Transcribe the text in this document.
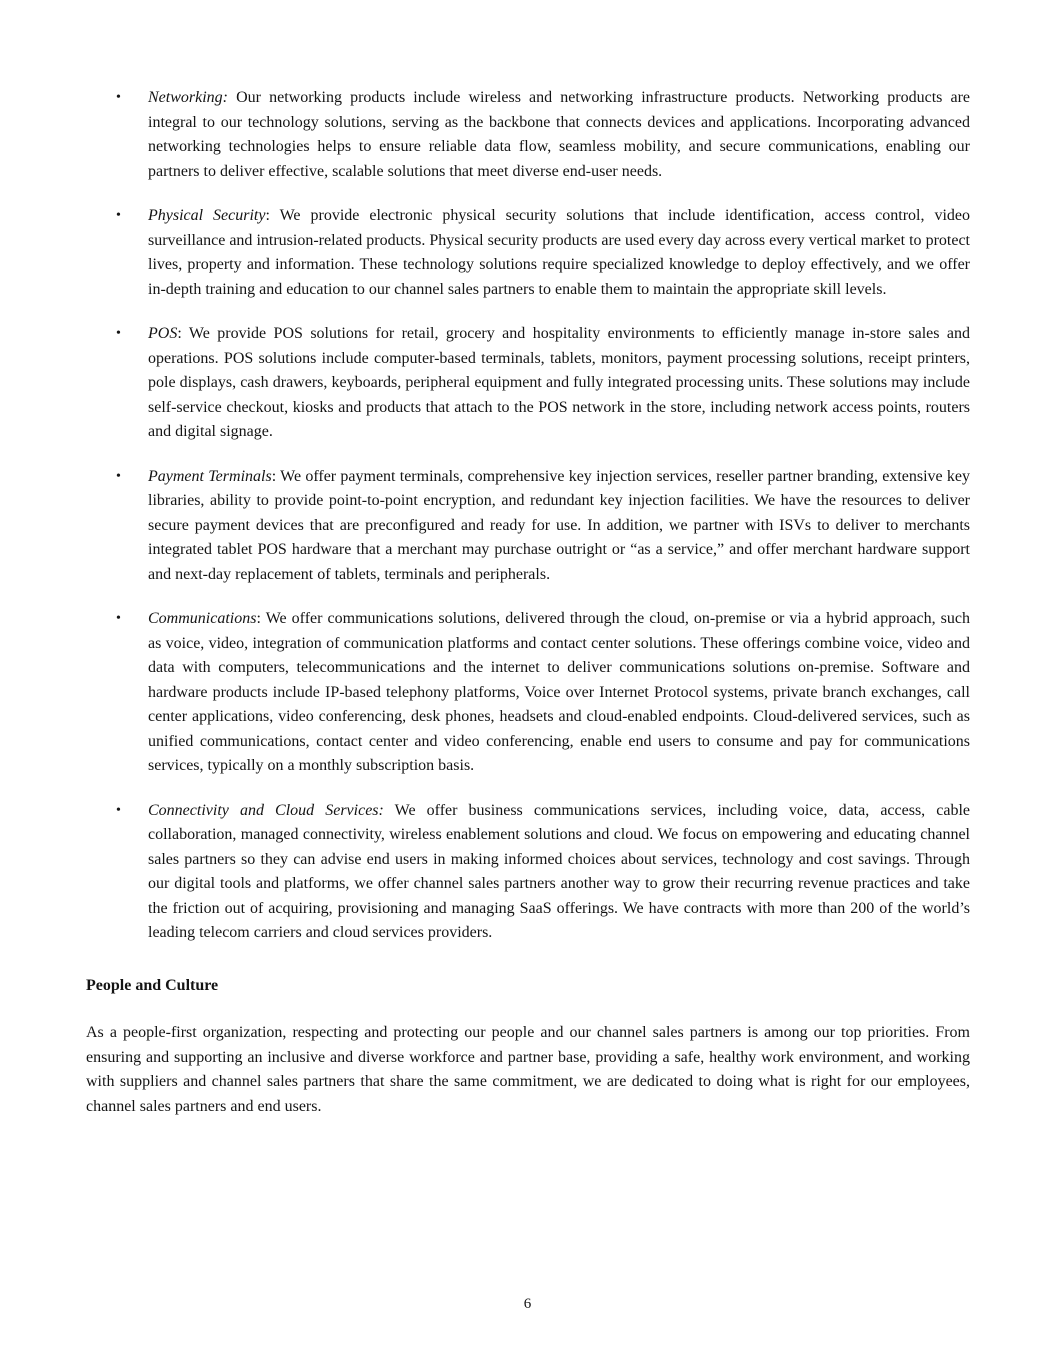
•	Networking: Our networking products include wireless and networking infrastructure products. Networking products are integral to our technology solutions, serving as the backbone that connects devices and applications. Incorporating advanced networking technologies helps to ensure reliable data flow, seamless mobility, and secure communications, enabling our partners to deliver effective, scalable solutions that meet diverse end-user needs.
•	Physical Security: We provide electronic physical security solutions that include identification, access control, video surveillance and intrusion-related products. Physical security products are used every day across every vertical market to protect lives, property and information. These technology solutions require specialized knowledge to deploy effectively, and we offer in-depth training and education to our channel sales partners to enable them to maintain the appropriate skill levels.
•	POS: We provide POS solutions for retail, grocery and hospitality environments to efficiently manage in-store sales and operations. POS solutions include computer-based terminals, tablets, monitors, payment processing solutions, receipt printers, pole displays, cash drawers, keyboards, peripheral equipment and fully integrated processing units. These solutions may include self-service checkout, kiosks and products that attach to the POS network in the store, including network access points, routers and digital signage.
•	Payment Terminals: We offer payment terminals, comprehensive key injection services, reseller partner branding, extensive key libraries, ability to provide point-to-point encryption, and redundant key injection facilities. We have the resources to deliver secure payment devices that are preconfigured and ready for use. In addition, we partner with ISVs to deliver to merchants integrated tablet POS hardware that a merchant may purchase outright or “as a service,” and offer merchant hardware support and next-day replacement of tablets, terminals and peripherals.
•	Communications: We offer communications solutions, delivered through the cloud, on-premise or via a hybrid approach, such as voice, video, integration of communication platforms and contact center solutions. These offerings combine voice, video and data with computers, telecommunications and the internet to deliver communications solutions on-premise. Software and hardware products include IP-based telephony platforms, Voice over Internet Protocol systems, private branch exchanges, call center applications, video conferencing, desk phones, headsets and cloud-enabled endpoints. Cloud-delivered services, such as unified communications, contact center and video conferencing, enable end users to consume and pay for communications services, typically on a monthly subscription basis.
•	Connectivity and Cloud Services: We offer business communications services, including voice, data, access, cable collaboration, managed connectivity, wireless enablement solutions and cloud. We focus on empowering and educating channel sales partners so they can advise end users in making informed choices about services, technology and cost savings. Through our digital tools and platforms, we offer channel sales partners another way to grow their recurring revenue practices and take the friction out of acquiring, provisioning and managing SaaS offerings. We have contracts with more than 200 of the world’s leading telecom carriers and cloud services providers.
People and Culture
As a people-first organization, respecting and protecting our people and our channel sales partners is among our top priorities. From ensuring and supporting an inclusive and diverse workforce and partner base, providing a safe, healthy work environment, and working with suppliers and channel sales partners that share the same commitment, we are dedicated to doing what is right for our employees, channel sales partners and end users.
6
